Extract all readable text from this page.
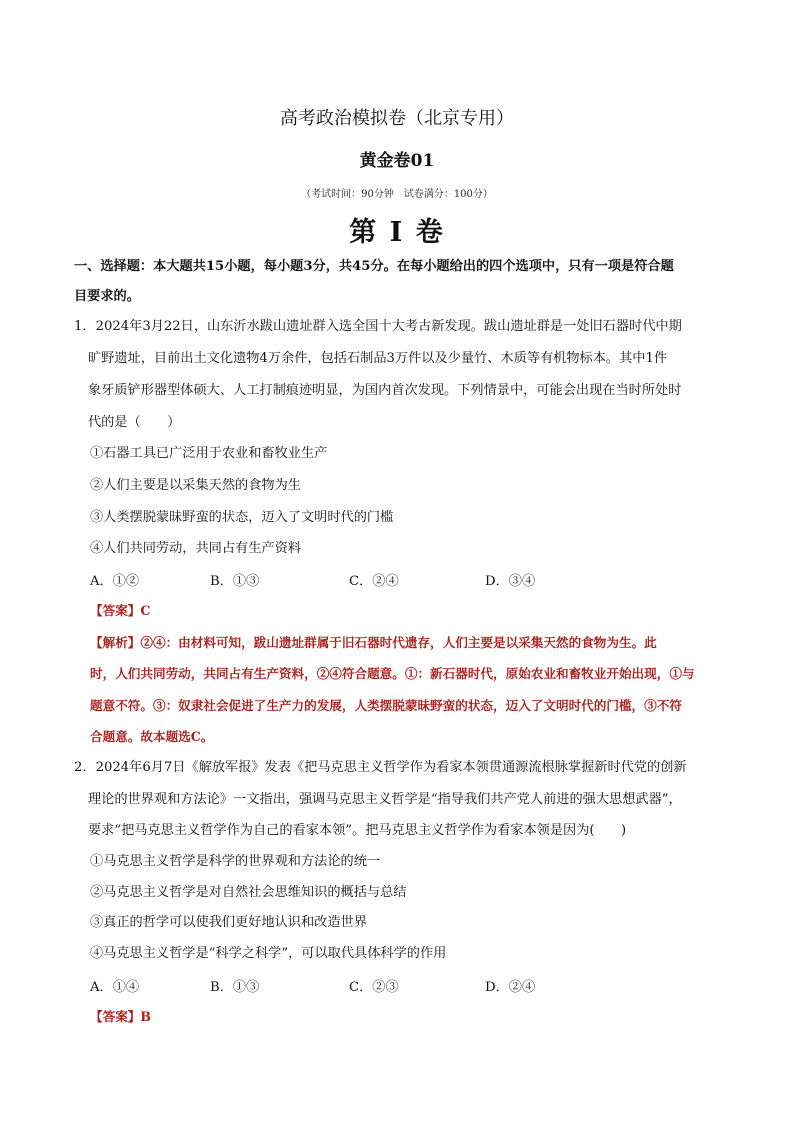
高考政治模拟卷（北京专用）
黄金卷01
（考试时间：90分钟　试卷满分：100分）
第 I 卷
一、选择题：本大题共15小题，每小题3分，共45分。在每小题给出的四个选项中，只有一项是符合题
目要求的。
1．2024年3月22日，山东沂水跋山遗址群入选全国十大考古新发现。跋山遗址群是一处旧石器时代中期
旷野遗址，目前出土文化遗物4万余件，包括石制品3万件以及少量竹、木质等有机物标本。其中1件
象牙质铲形器型体硕大、人工打制痕迹明显，为国内首次发现。下列情景中，可能会出现在当时所处时
代的是（　　）
①石器工具已广泛用于农业和畜牧业生产
②人们主要是以采集天然的食物为生
③人类摆脱蒙昧野蛮的状态，迈入了文明时代的门槛
④人们共同劳动，共同占有生产资料
A．①②	B．①③	C．②④	D．③④
【答案】C
【解析】②④：由材料可知，跋山遗址群属于旧石器时代遗存，人们主要是以采集天然的食物为生。此
时，人们共同劳动，共同占有生产资料，②④符合题意。①：新石器时代，原始农业和畜牧业开始出现，①与
题意不符。③：奴隶社会促进了生产力的发展，人类摆脱蒙昧野蛮的状态，迈入了文明时代的门槛，③不符
合题意。故本题选C。
2．2024年6月7日《解放军报》发表《把马克思主义哲学作为看家本领贯通源流根脉掌握新时代党的创新
理论的世界观和方法论》一文指出，强调马克思主义哲学是“指导我们共产党人前进的强大思想武器”，
要求“把马克思主义哲学作为自己的看家本领”。把马克思主义哲学作为看家本领是因为(　　)
①马克思主义哲学是科学的世界观和方法论的统一
②马克思主义哲学是对自然社会思维知识的概括与总结
③真正的哲学可以使我们更好地认识和改造世界
④马克思主义哲学是“科学之科学”，可以取代具体科学的作用
A．①④	B．①③	C．②③	D．②④
【答案】B
